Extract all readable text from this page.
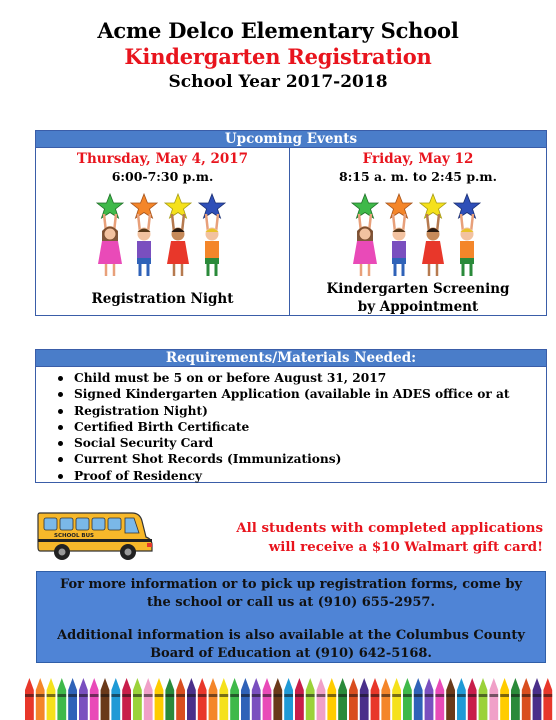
Acme Delco Elementary School
Kindergarten Registration
School Year 2017-2018
Upcoming Events
Thursday, May 4, 2017
6:00-7:30 p.m.
Registration Night
Friday, May 12
8:15 a. m. to 2:45 p.m.
Kindergarten Screening
by Appointment
Requirements/Materials Needed:
Child must be 5 on or before August 31, 2017
Signed Kindergarten Application (available in ADES office or at
Registration Night)
Certified Birth Certificate
Social Security Card
Current Shot Records (Immunizations)
Proof of Residency
SCHOOL BUS	All students with completed applications
will receive a $10 Walmart gift card!

For more information or to pick up registration forms, come by

the school or call us at (910) 655-2957.

Additional information is also available at the Columbus County

Board of Education at (910) 642-5168.
